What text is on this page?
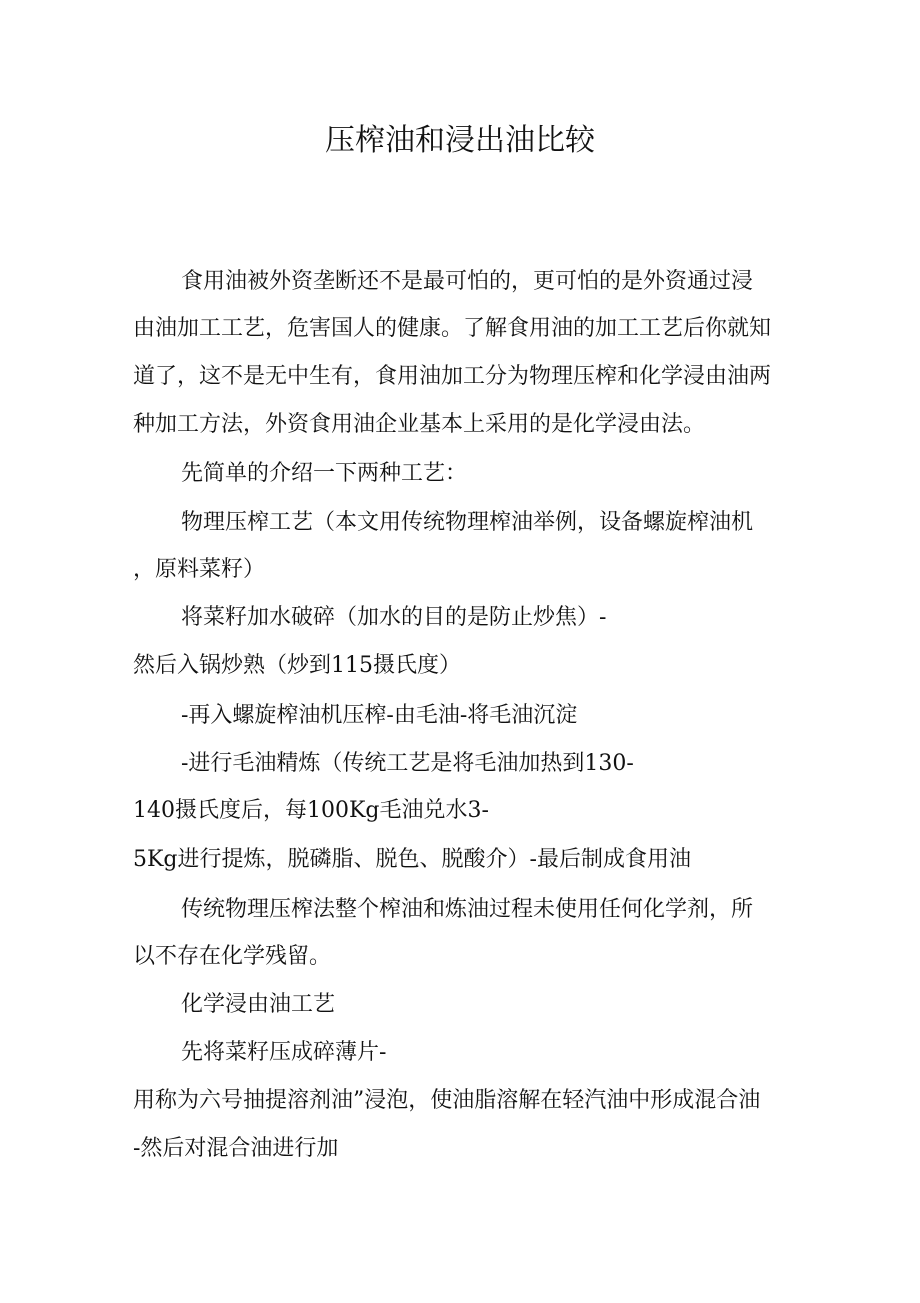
压榨油和浸出油比较
食用油被外资垄断还不是最可怕的，更可怕的是外资通过浸
由油加工工艺，危害国人的健康。了解食用油的加工工艺后你就知
道了，这不是无中生有，食用油加工分为物理压榨和化学浸由油两
种加工方法，外资食用油企业基本上采用的是化学浸由法。
先简单的介绍一下两种工艺：
物理压榨工艺（本文用传统物理榨油举例，设备螺旋榨油机
，原料菜籽）
将菜籽加水破碎（加水的目的是防止炒焦）-
然后入锅炒熟（炒到115摄氏度）
-再入螺旋榨油机压榨-由毛油-将毛油沉淀
-进行毛油精炼（传统工艺是将毛油加热到130-
140摄氏度后，每100Kg毛油兑水3-
5Kg进行提炼，脱磷脂、脱色、脱酸介）-最后制成食用油
传统物理压榨法整个榨油和炼油过程未使用任何化学剂，所
以不存在化学残留。
化学浸由油工艺
先将菜籽压成碎薄片-
用称为六号抽提溶剂油”浸泡，使油脂溶解在轻汽油中形成混合油
-然后对混合油进行加
